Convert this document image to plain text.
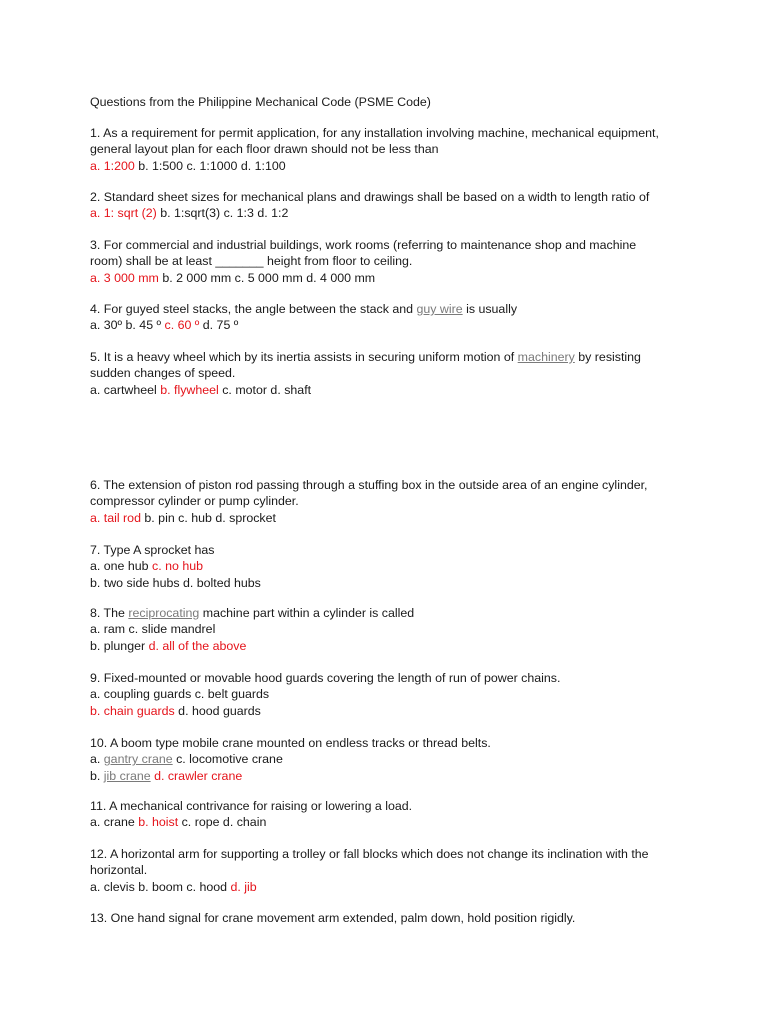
Questions from the Philippine Mechanical Code (PSME Code)
1. As a requirement for permit application, for any installation involving machine, mechanical equipment,
general layout plan for each floor drawn should not be less than
a. 1:200 b. 1:500 c. 1:1000 d. 1:100
2. Standard sheet sizes for mechanical plans and drawings shall be based on a width to length ratio of
a. 1: sqrt (2) b. 1:sqrt(3) c. 1:3 d. 1:2
3. For commercial and industrial buildings, work rooms (referring to maintenance shop and machine
room) shall be at least _______ height from floor to ceiling.
a. 3 000 mm b. 2 000 mm c. 5 000 mm d. 4 000 mm
4. For guyed steel stacks, the angle between the stack and guy wire is usually
a. 30º b. 45 º c. 60 º d. 75 º
5. It is a heavy wheel which by its inertia assists in securing uniform motion of machinery by resisting
sudden changes of speed.
a. cartwheel b. flywheel c. motor d. shaft
6. The extension of piston rod passing through a stuffing box in the outside area of an engine cylinder,
compressor cylinder or pump cylinder.
a. tail rod b. pin c. hub d. sprocket
7. Type A sprocket has
a. one hub c. no hub
b. two side hubs d. bolted hubs
8. The reciprocating machine part within a cylinder is called
a. ram c. slide mandrel
b. plunger d. all of the above
9. Fixed-mounted or movable hood guards covering the length of run of power chains.
a. coupling guards c. belt guards
b. chain guards d. hood guards
10. A boom type mobile crane mounted on endless tracks or thread belts.
a. gantry crane c. locomotive crane
b. jib crane d. crawler crane
11. A mechanical contrivance for raising or lowering a load.
a. crane b. hoist c. rope d. chain
12. A horizontal arm for supporting a trolley or fall blocks which does not change its inclination with the
horizontal.
a. clevis b. boom c. hood d. jib
13. One hand signal for crane movement arm extended, palm down, hold position rigidly.
